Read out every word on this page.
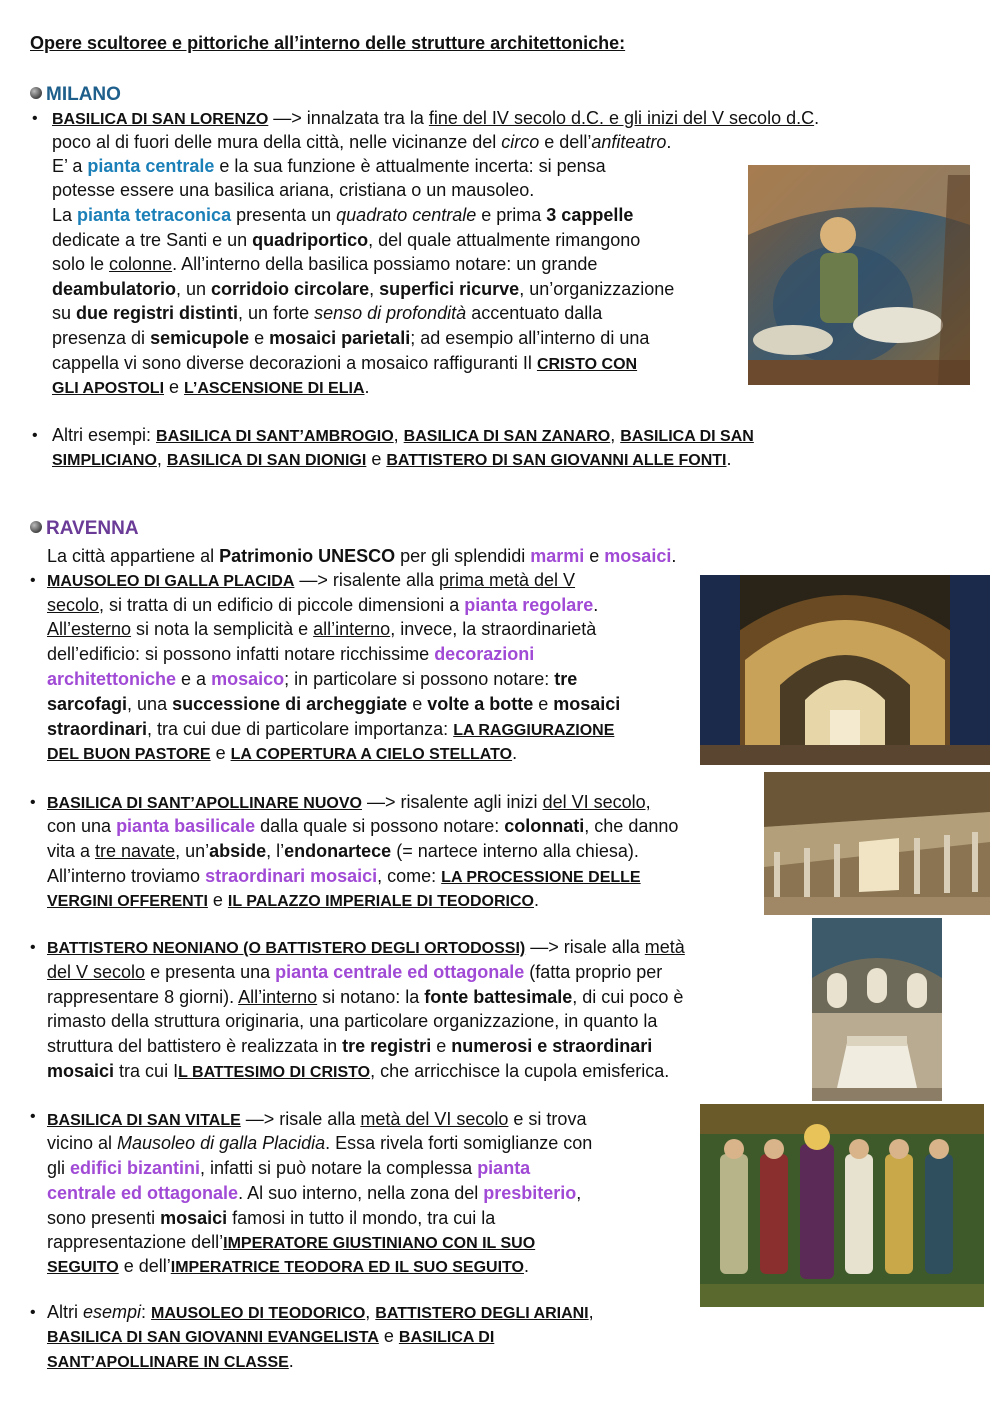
Opere scultoree e pittoriche all’interno delle strutture architettoniche:
MILANO
• BASILICA DI SAN LORENZO —> innalzata tra la fine del IV secolo d.C. e gli inizi del V secolo d.C.
poco al di fuori delle mura della città, nelle vicinanze del circo e dell’anfiteatro.
E’ a pianta centrale e la sua funzione è attualmente incerta: si pensa
potesse essere una basilica ariana, cristiana o un mausoleo.
La pianta tetraconica presenta un quadrato centrale e prima 3 cappelle
dedicate a tre Santi e un quadriportico, del quale attualmente rimangono
solo le colonne. All’interno della basilica possiamo notare: un grande
deambulatorio, un corridoio circolare, superfici ricurve, un’organizzazione
su due registri distinti, un forte senso di profondità accentuato dalla
presenza di semicupole e mosaici parietali; ad esempio all’interno di una
cappella vi sono diverse decorazioni a mosaico raffiguranti Il CRISTO CON
GLI APOSTOLI e L’ASCENSIONE DI ELIA.
• Altri esempi: BASILICA DI SANT’AMBROGIO, BASILICA DI SAN ZANARO, BASILICA DI SAN
SIMPLICIANO, BASILICA DI SAN DIONIGI e BATTISTERO DI SAN GIOVANNI ALLE FONTI.
RAVENNA
La città appartiene al Patrimonio UNESCO per gli splendidi marmi e mosaici.
• MAUSOLEO DI GALLA PLACIDA —> risalente alla prima metà del V
secolo, si tratta di un edificio di piccole dimensioni a pianta regolare.
All’esterno si nota la semplicità e all’interno, invece, la straordinarietà
dell’edificio: si possono infatti notare ricchissime decorazioni
architettoniche e a mosaico; in particolare si possono notare: tre
sarcofagi, una successione di archeggiate e volte a botte e mosaici
straordinari, tra cui due di particolare importanza: LA RAGGIURAZIONE
DEL BUON PASTORE e LA COPERTURA A CIELO STELLATO.
• BASILICA DI SANT’APOLLINARE NUOVO —> risalente agli inizi del VI secolo,
con una pianta basilicale dalla quale si possono notare: colonnati, che danno
vita a tre navate, un’abside, l’endonartece (= nartece interno alla chiesa).
All’interno troviamo straordinari mosaici, come: LA PROCESSIONE DELLE
VERGINI OFFERENTI e IL PALAZZO IMPERIALE DI TEODORICO.
• BATTISTERO NEONIANO (O BATTISTERO DEGLI ORTODOSSI) —> risale alla metà
del V secolo e presenta una pianta centrale ed ottagonale (fatta proprio per
rappresentare 8 giorni). All’interno si notano: la fonte battesimale, di cui poco è
rimasto della struttura originaria, una particolare organizzazione, in quanto la
struttura del battistero è realizzata in tre registri e numerosi e straordinari
mosaici tra cui IL BATTESIMO DI CRISTO, che arricchisce la cupola emisferica.
• BASILICA DI SAN VITALE —> risale alla metà del VI secolo e si trova
vicino al Mausoleo di galla Placidia. Essa rivela forti somiglianze con
gli edifici bizantini, infatti si può notare la complessa pianta
centrale ed ottagonale. Al suo interno, nella zona del presbiterio,
sono presenti mosaici famosi in tutto il mondo, tra cui la
rappresentazione dell’IMPERATORE GIUSTINIANO CON IL SUO
SEGUITO e dell’IMPERATRICE TEODORA ED IL SUO SEGUITO.
• Altri esempi: MAUSOLEO DI TEODORICO, BATTISTERO DEGLI ARIANI,
BASILICA DI SAN GIOVANNI EVANGELISTA e BASILICA DI
SANT’APOLLINARE IN CLASSE.
